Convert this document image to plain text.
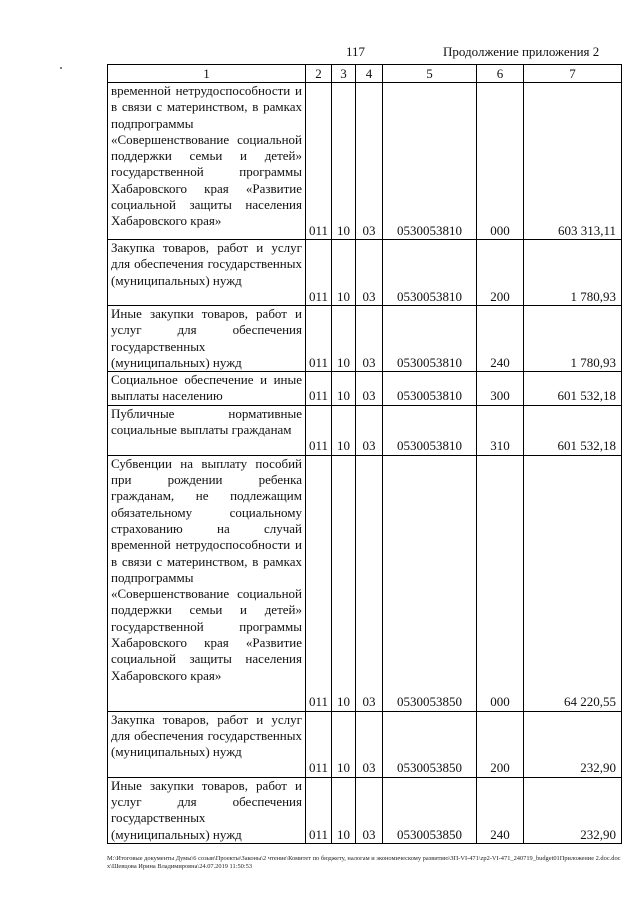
117	Продолжение приложения 2
1	2	3	4	5	6	7
временной нетрудоспособности и в связи с материнством, в рамках подпрограммы «Совершенствование социальной поддержки семьи и детей» государственной программы Хабаровского края «Развитие социальной защиты населения Хабаровского края»	011	10	03	0530053810	000	603 313,11
Закупка товаров, работ и услуг для обеспечения государственных (муниципальных) нужд	011	10	03	0530053810	200	1 780,93
Иные закупки товаров, работ и услуг для обеспечения государственных (муниципальных) нужд	011	10	03	0530053810	240	1 780,93
Социальное обеспечение и иные выплаты населению	011	10	03	0530053810	300	601 532,18
Публичные нормативные социальные выплаты гражданам	011	10	03	0530053810	310	601 532,18
Субвенции на выплату пособий при рождении ребенка гражданам, не подлежащим обязательному социальному страхованию на случай временной нетрудоспособности и в связи с материнством, в рамках подпрограммы «Совершенствование социальной поддержки семьи и детей» государственной программы Хабаровского края «Развитие социальной защиты населения Хабаровского края»	011	10	03	0530053850	000	64 220,55
Закупка товаров, работ и услуг для обеспечения государственных (муниципальных) нужд	011	10	03	0530053850	200	232,90
Иные закупки товаров, работ и услуг для обеспечения государственных (муниципальных) нужд	011	10	03	0530053850	240	232,90
M:\Итоговые документы Думы\6 созыв\Проекты\Законы\2 чтение\Комитет по бюджету, налогам и экономическому развитию\ЗП-VI-471\zp2-VI-471_240719_budget01Приложение 2.doc.docx\Шевцова Ирина Владимировна\24.07.2019 11:50:53
